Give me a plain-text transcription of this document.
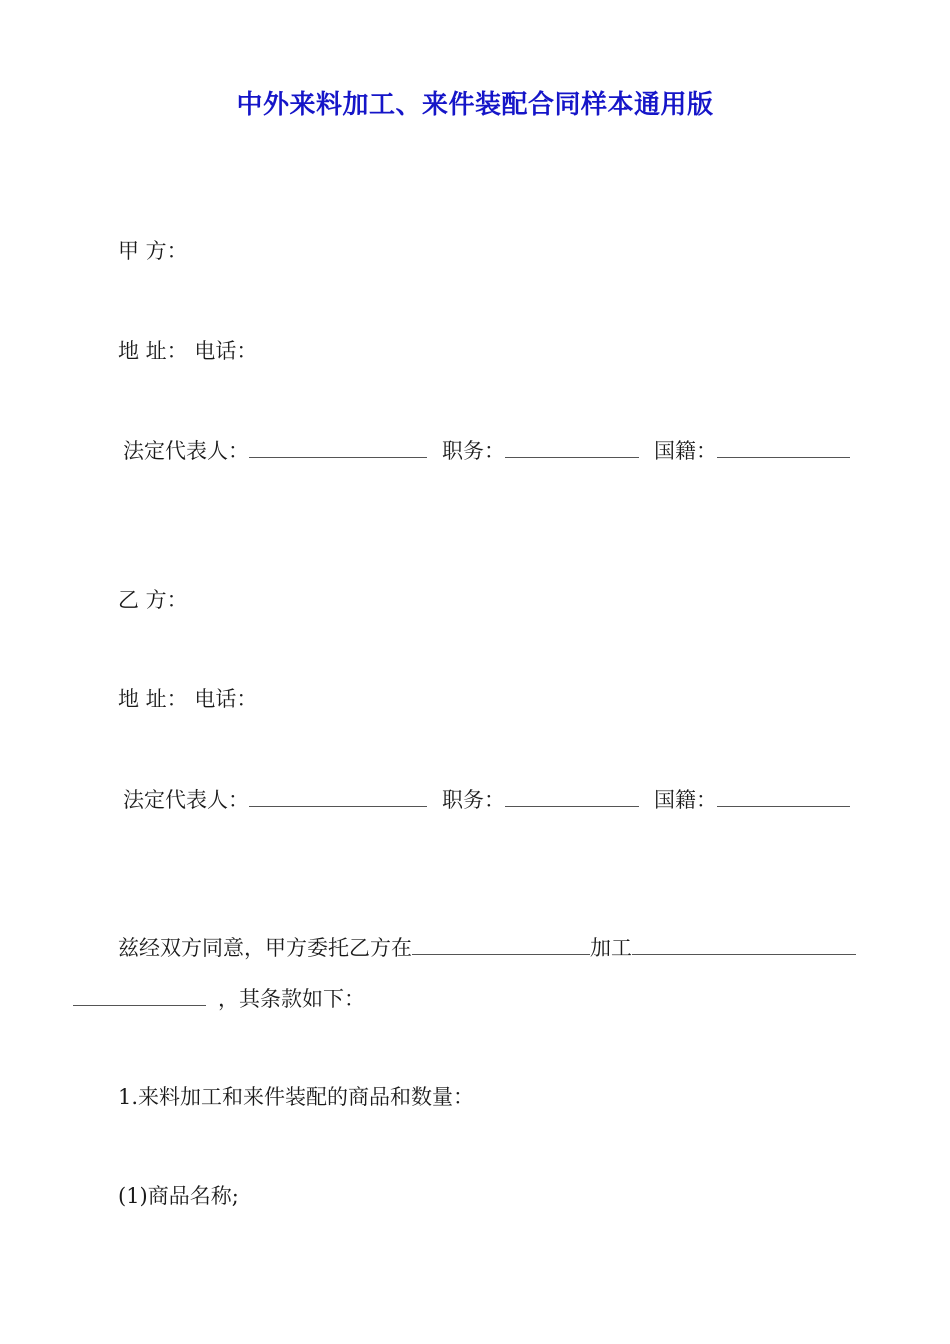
中外来料加工、来件装配合同样本通用版
甲 方：
地 址： 电话：
法定代表人：	职务：	国籍：
乙 方：
地 址： 电话：
法定代表人：	职务：	国籍：
兹经双方同意，甲方委托乙方在	加工
，其条款如下：
1.来料加工和来件装配的商品和数量：
(1)商品名称;
